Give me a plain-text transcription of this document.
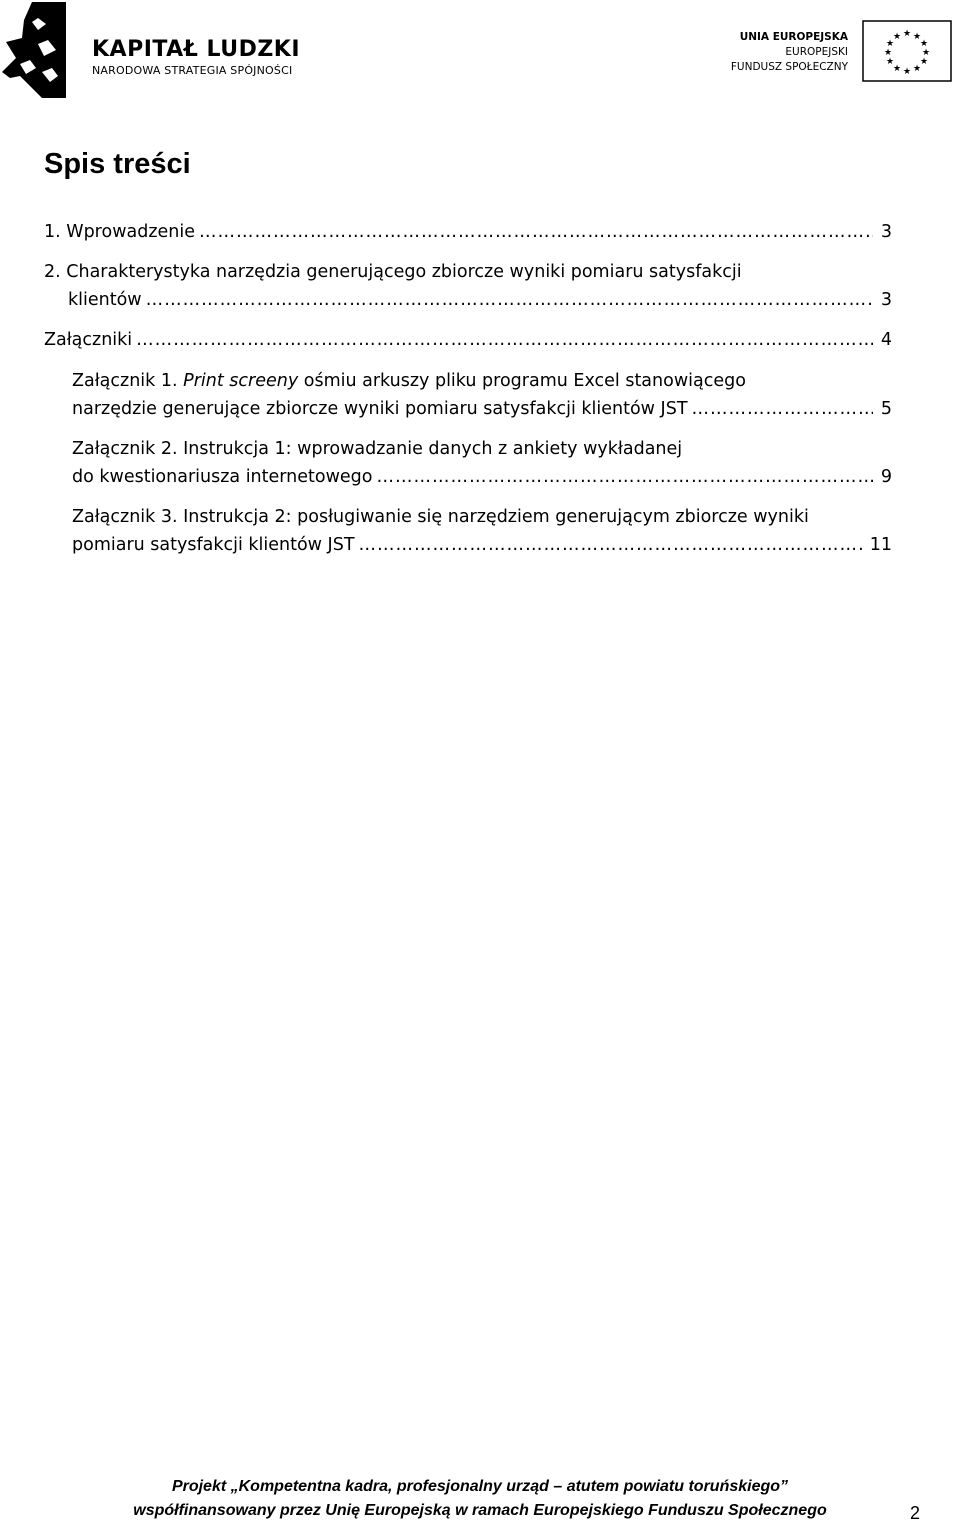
KAPITAŁ LUDZKI
NARODOWA STRATEGIA SPÓJNOŚCI
UNIA EUROPEJSKA
EUROPEJSKI
FUNDUSZ SPOŁECZNY
★ ★
★
★
★
★
★
★
★
★
★
★
Spis treści
1. Wprowadzenie ……………………………………………………………………………………………………………………………………………………………………	3
2. Charakterystyka narzędzia generującego zbiorcze wyniki pomiaru satysfakcji
klientów ……………………………………………………………………………………………………………………………………………………………………	3
Załączniki ……………………………………………………………………………………………………………………………………………………………………	4
Załącznik 1. Print screeny ośmiu arkuszy pliku programu Excel stanowiącego
narzędzie generujące zbiorcze wyniki pomiaru satysfakcji klientów JST ……………………………………………………………………………………………………………………………………………………………………	5
Załącznik 2. Instrukcja 1: wprowadzanie danych z ankiety wykładanej
do kwestionariusza internetowego ……………………………………………………………………………………………………………………………………………………………………	9
Załącznik 3. Instrukcja 2: posługiwanie się narzędziem generującym zbiorcze wyniki
pomiaru satysfakcji klientów JST ……………………………………………………………………………………………………………………………………………………………………	11
Projekt „Kompetentna kadra, profesjonalny urząd – atutem powiatu toruńskiego”
współfinansowany przez Unię Europejską w ramach Europejskiego Funduszu Społecznego	2
